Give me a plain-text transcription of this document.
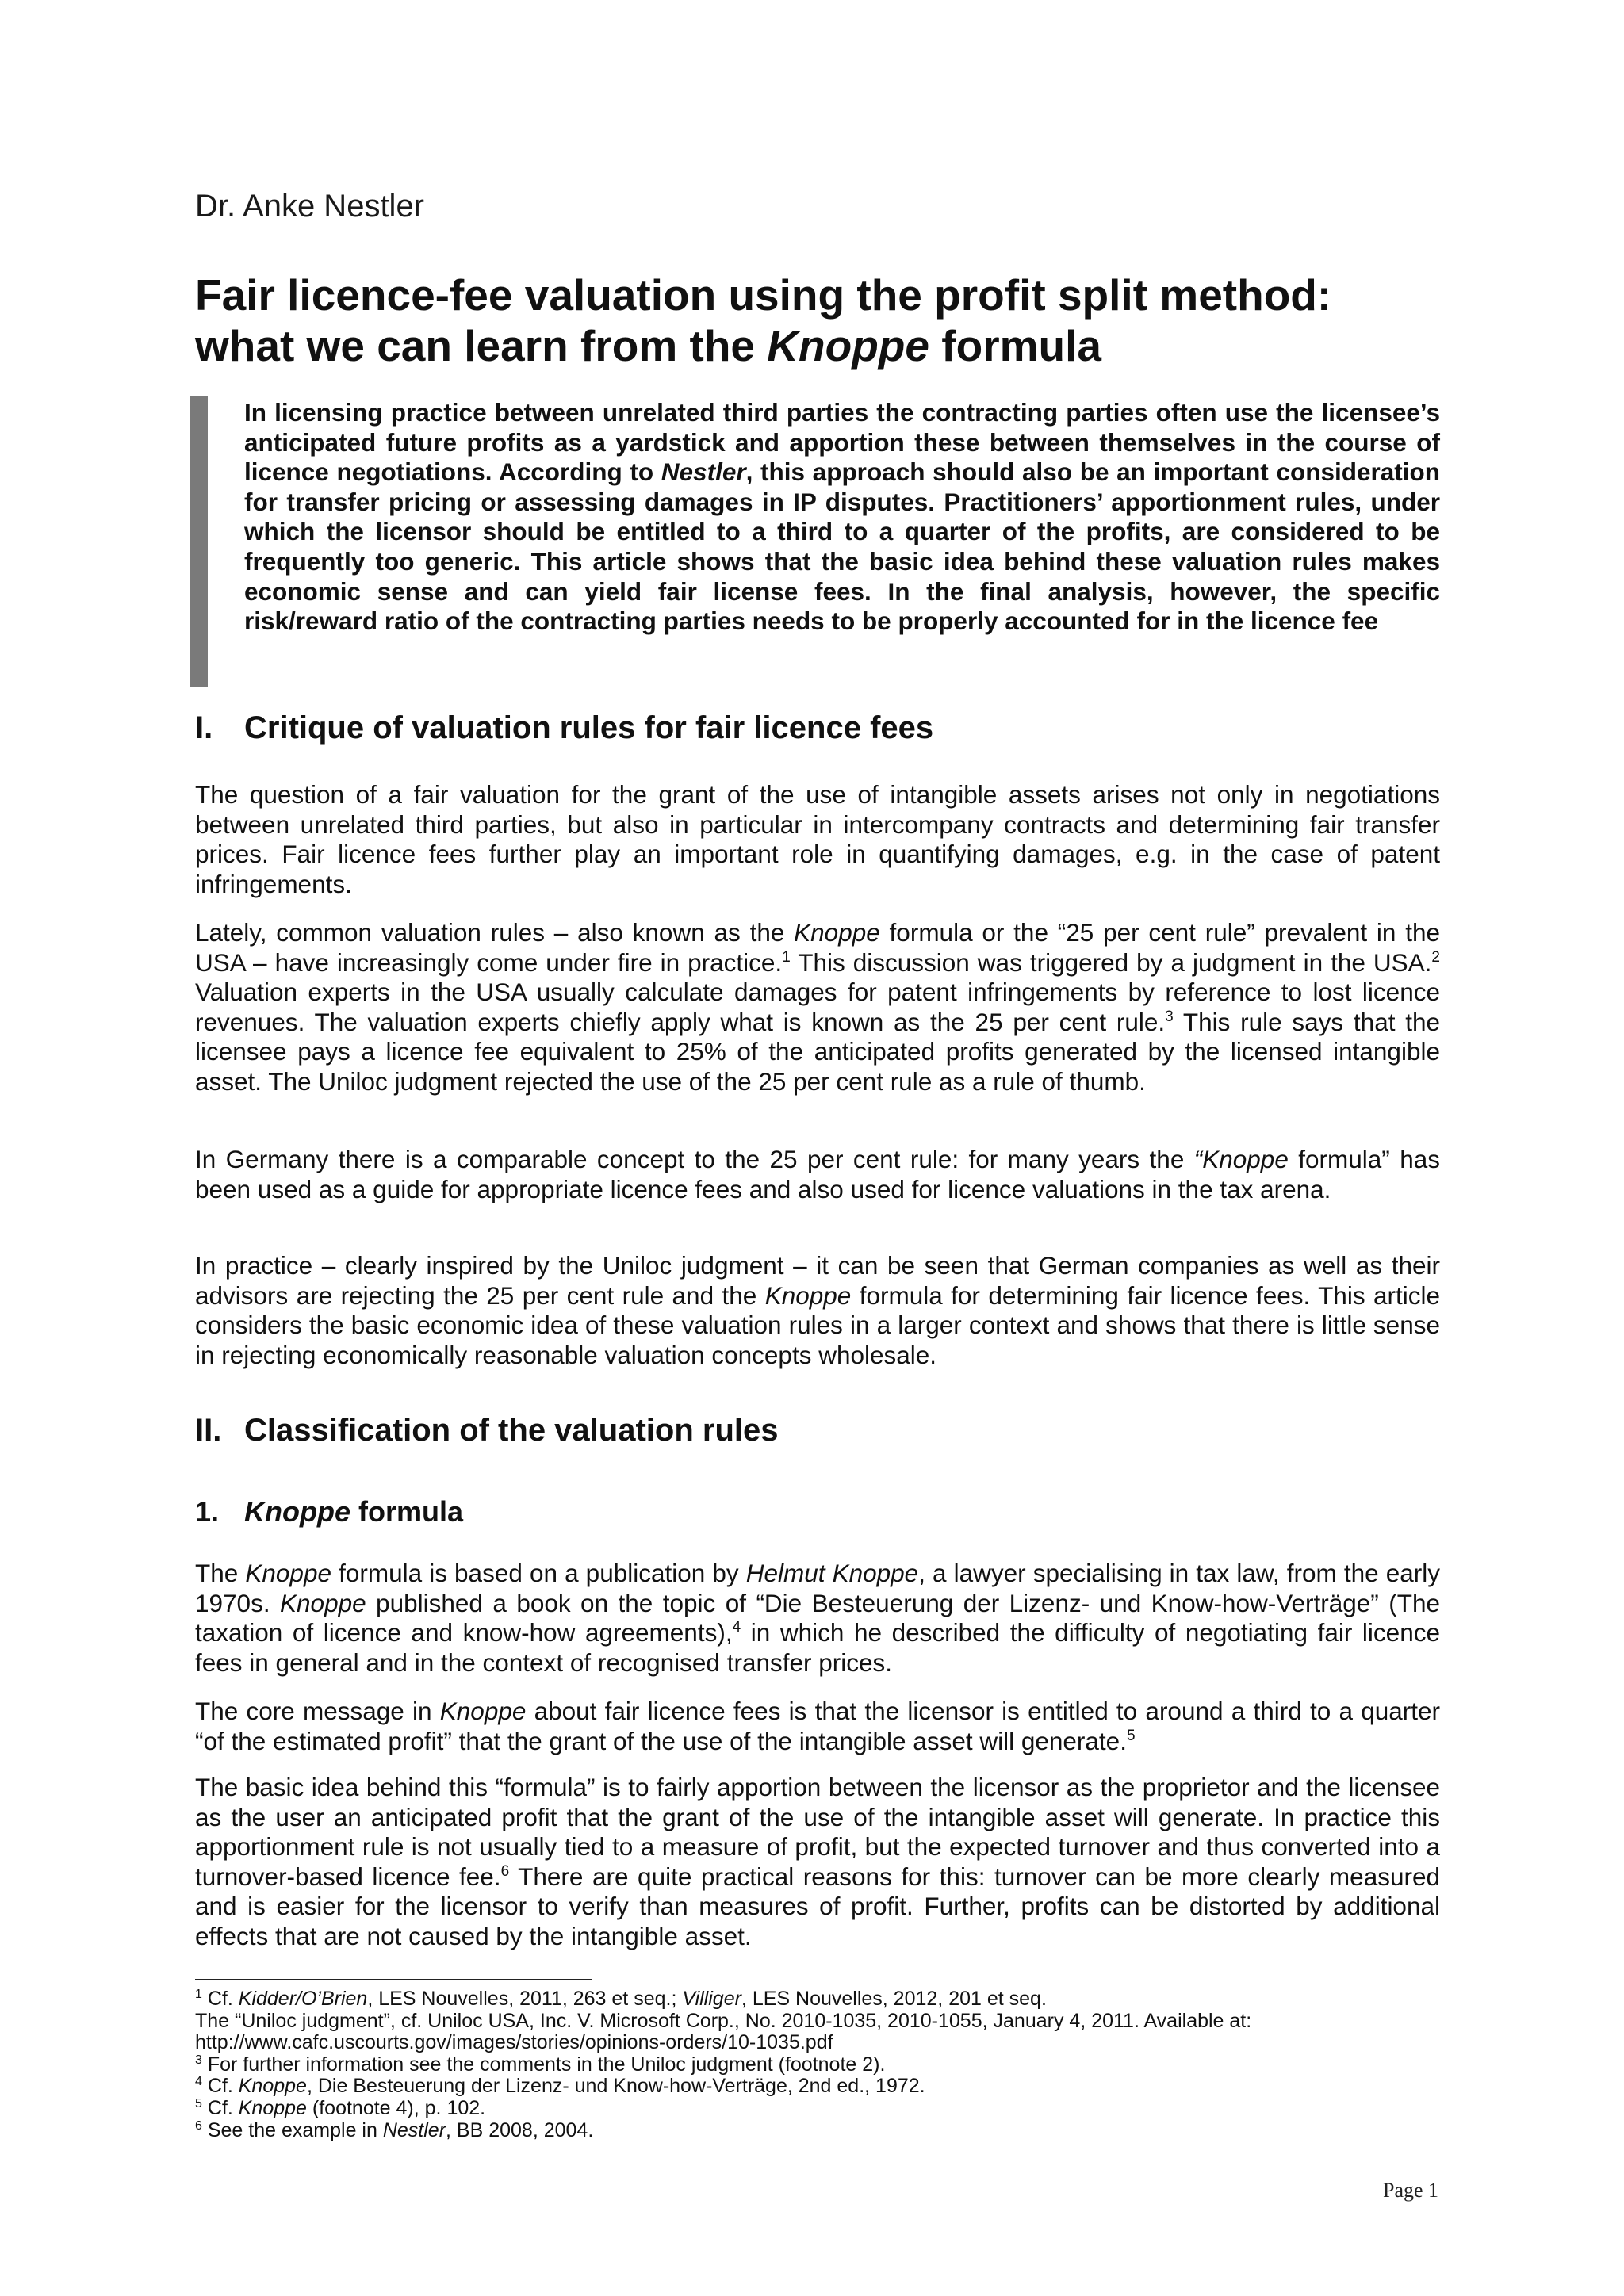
Dr. Anke Nestler
Fair licence-fee valuation using the profit split method:
what we can learn from the Knoppe formula

In licensing practice between unrelated third parties the contracting parties often use the licensee’s anticipated future profits as a yardstick and apportion these between themselves in the course of licence negotiations. According to Nestler, this approach should also be an important consideration for transfer pricing or assessing damages in IP disputes. Practitioners’ apportionment rules, under which the licensor should be entitled to a third to a quarter of the profits, are considered to be frequently too generic. This article shows that the basic idea behind these valuation rules makes economic sense and can yield fair license fees. In the final analysis, however, the specific risk/reward ratio of the contracting parties needs to be properly accounted for in the licence fee

I. Critique of valuation rules for fair licence fees

The question of a fair valuation for the grant of the use of intangible assets arises not only in negotiations between unrelated third parties, but also in particular in intercompany contracts and determining fair transfer prices. Fair licence fees further play an important role in quantifying damages, e.g. in the case of patent infringements.

Lately, common valuation rules – also known as the Knoppe formula or the “25 per cent rule” prevalent in the USA – have increasingly come under fire in practice.$^1$ This discussion was triggered by a judgment in the USA.$^2$ Valuation experts in the USA usually calculate damages for patent infringements by reference to lost licence revenues. The valuation experts chiefly apply what is known as the 25 per cent rule.$^3$ This rule says that the licensee pays a licence fee equivalent to 25% of the anticipated profits generated by the licensed intangible asset. The Uniloc judgment rejected the use of the 25 per cent rule as a rule of thumb.

In Germany there is a comparable concept to the 25 per cent rule: for many years the “Knoppe formula” has been used as a guide for appropriate licence fees and also used for licence valuations in the tax arena.

In practice – clearly inspired by the Uniloc judgment – it can be seen that German companies as well as their advisors are rejecting the 25 per cent rule and the Knoppe formula for determining fair licence fees. This article considers the basic economic idea of these valuation rules in a larger context and shows that there is little sense in rejecting economically reasonable valuation concepts wholesale.

II. Classification of the valuation rules
1. Knoppe formula

The Knoppe formula is based on a publication by Helmut Knoppe, a lawyer specialising in tax law, from the early 1970s. Knoppe published a book on the topic of “Die Besteuerung der Lizenz- und Know-how-Verträge” (The taxation of licence and know-how agreements),$^4$ in which he described the difficulty of negotiating fair licence fees in general and in the context of recognised transfer prices.

The core message in Knoppe about fair licence fees is that the licensor is entitled to around a third to a quarter “of the estimated profit” that the grant of the use of the intangible asset will generate.$^5$

The basic idea behind this “formula” is to fairly apportion between the licensor as the proprietor and the licensee as the user an anticipated profit that the grant of the use of the intangible asset will generate. In practice this apportionment rule is not usually tied to a measure of profit, but the expected turnover and thus converted into a turnover-based licence fee.$^6$ There are quite practical reasons for this: turnover can be more clearly measured and is easier for the licensor to verify than measures of profit. Further, profits can be distorted by additional effects that are not caused by the intangible asset.

$^1$ Cf. Kidder/O’Brien, LES Nouvelles, 2011, 263 et seq.; Villiger, LES Nouvelles, 2012, 201 et seq.
The “Uniloc judgment”, cf. Uniloc USA, Inc. V. Microsoft Corp., No. 2010-1035, 2010-1055, January 4, 2011. Available at:
http://www.cafc.uscourts.gov/images/stories/opinions-orders/10-1035.pdf
$^3$ For further information see the comments in the Uniloc judgment (footnote 2).
$^4$ Cf. Knoppe, Die Besteuerung der Lizenz- und Know-how-Verträge, 2nd ed., 1972.
$^5$ Cf. Knoppe (footnote 4), p. 102.
$^6$ See the example in Nestler, BB 2008, 2004.
Page 1
